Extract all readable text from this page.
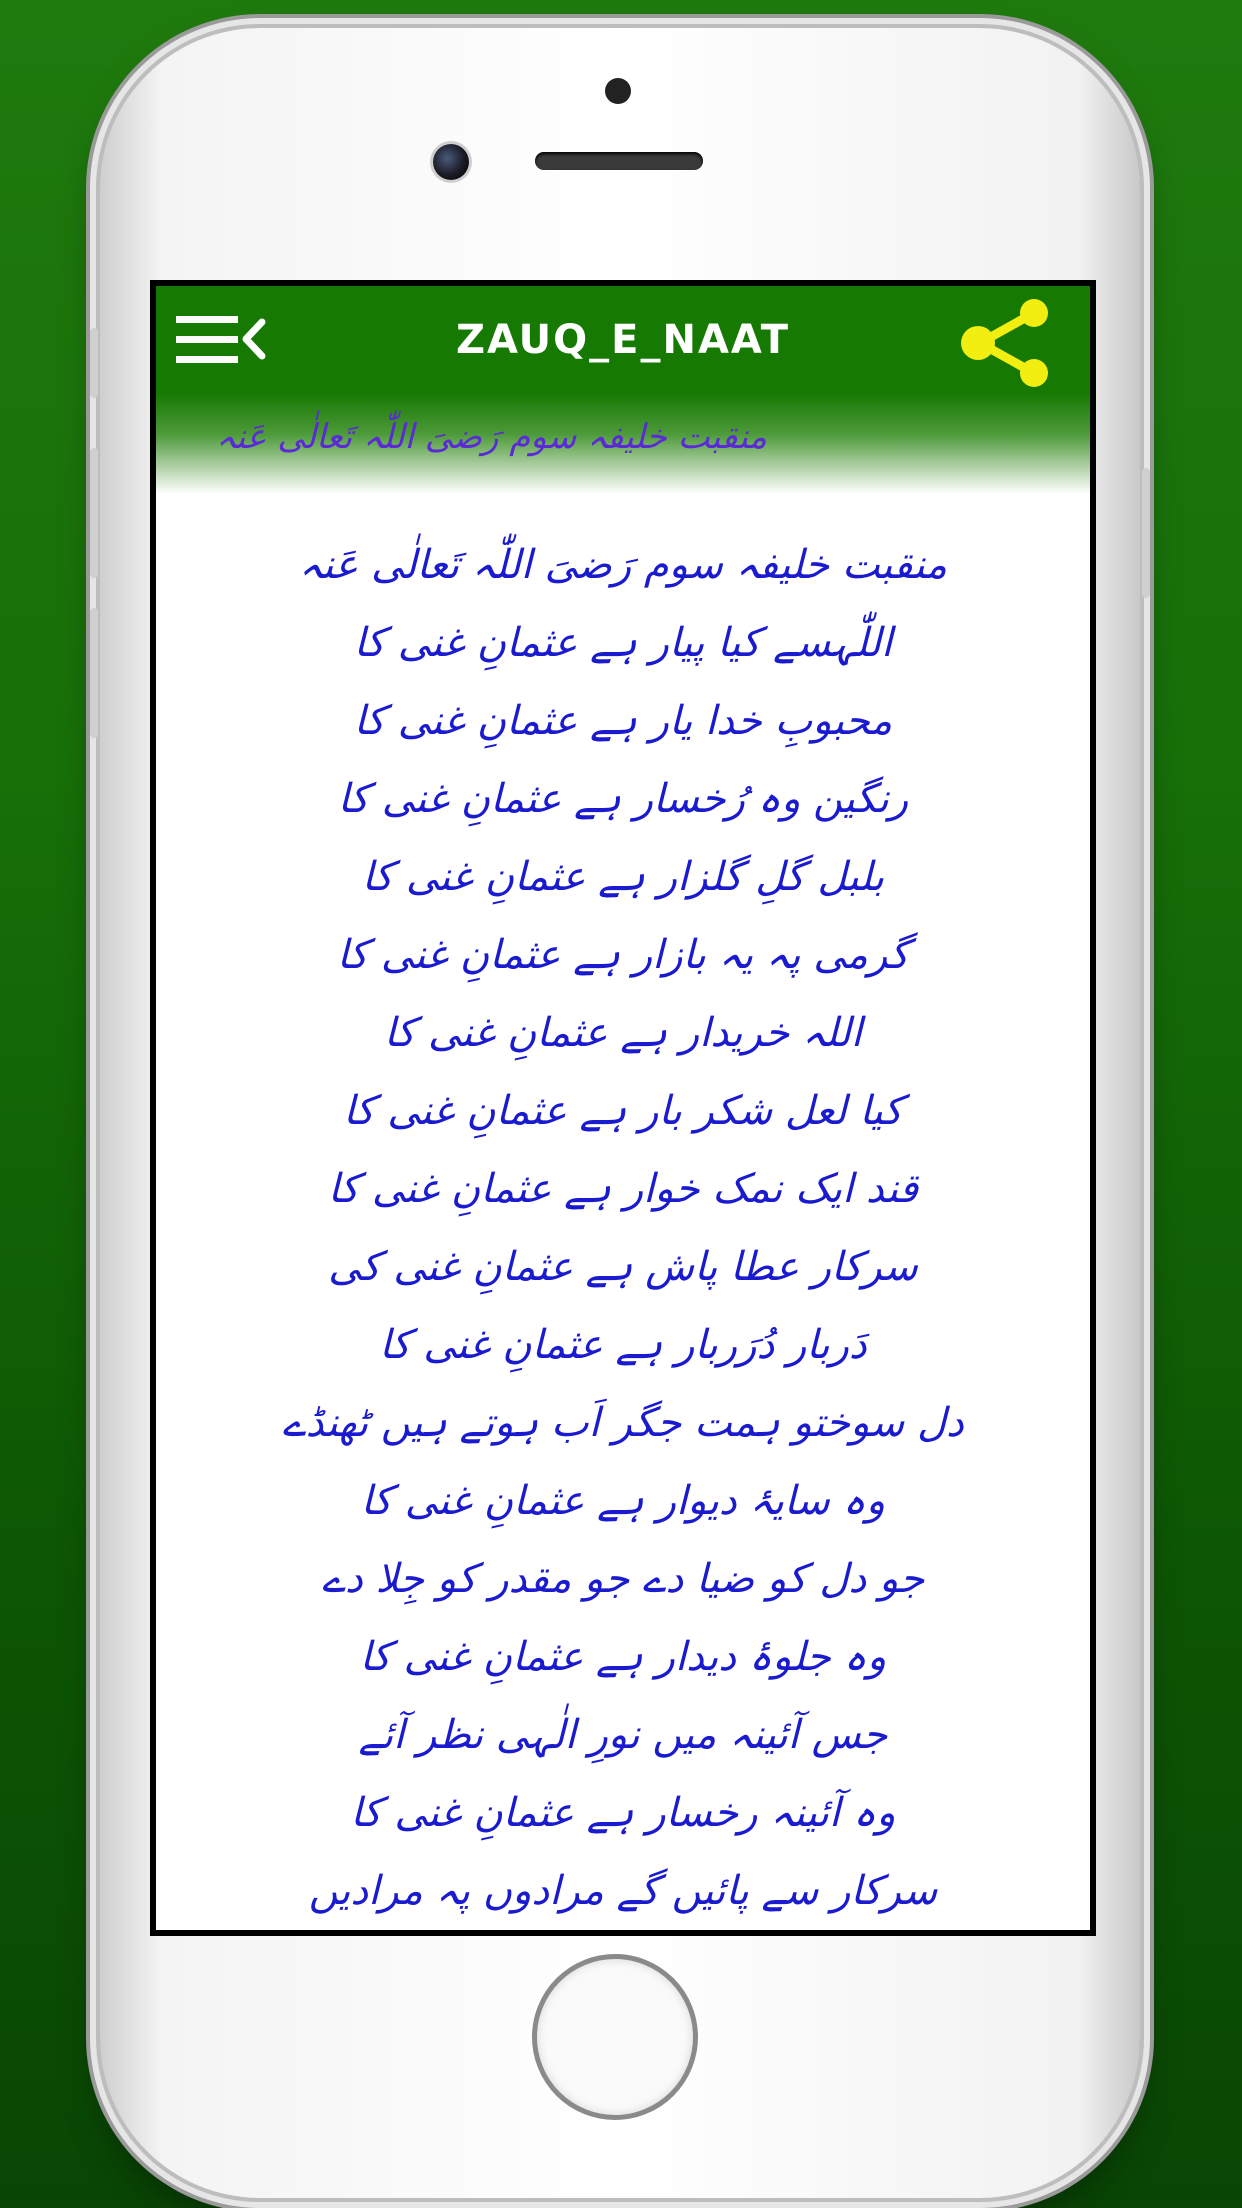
ZAUQ_E_NAAT
منقبت خلیفہ سوم رَضیَ اللّٰہ تَعالٰی عَنہ
منقبت خلیفہ سوم رَضیَ اللّٰہ تَعالٰی عَنہ
اللّٰہسے کیا پیار ہے عثمانِ غنی کا
محبوبِ خدا یار ہے عثمانِ غنی کا
رنگین وہ رُخسار ہے عثمانِ غنی کا
بلبل گلِ گلزار ہے عثمانِ غنی کا
گرمی پہ یہ بازار ہے عثمانِ غنی کا
اللہ خریدار ہے عثمانِ غنی کا
کیا لعل شکر بار ہے عثمانِ غنی کا
قند ایک نمک خوار ہے عثمانِ غنی کا
سرکار عطا پاش ہے عثمانِ غنی کی
دَربار دُرَربار ہے عثمانِ غنی کا
دل سوختو ہمت جگر اَب ہوتے ہیں ٹھنڈے
وہ سایۂ دیوار ہے عثمانِ غنی کا
جو دل کو ضیا دے جو مقدر کو جِلا دے
وہ جلوۂ دیدار ہے عثمانِ غنی کا
جس آئینہ میں نورِ الٰہی نظر آئے
وہ آئینہ رخسار ہے عثمانِ غنی کا
سرکار سے پائیں گے مرادوں پہ مرادیں
